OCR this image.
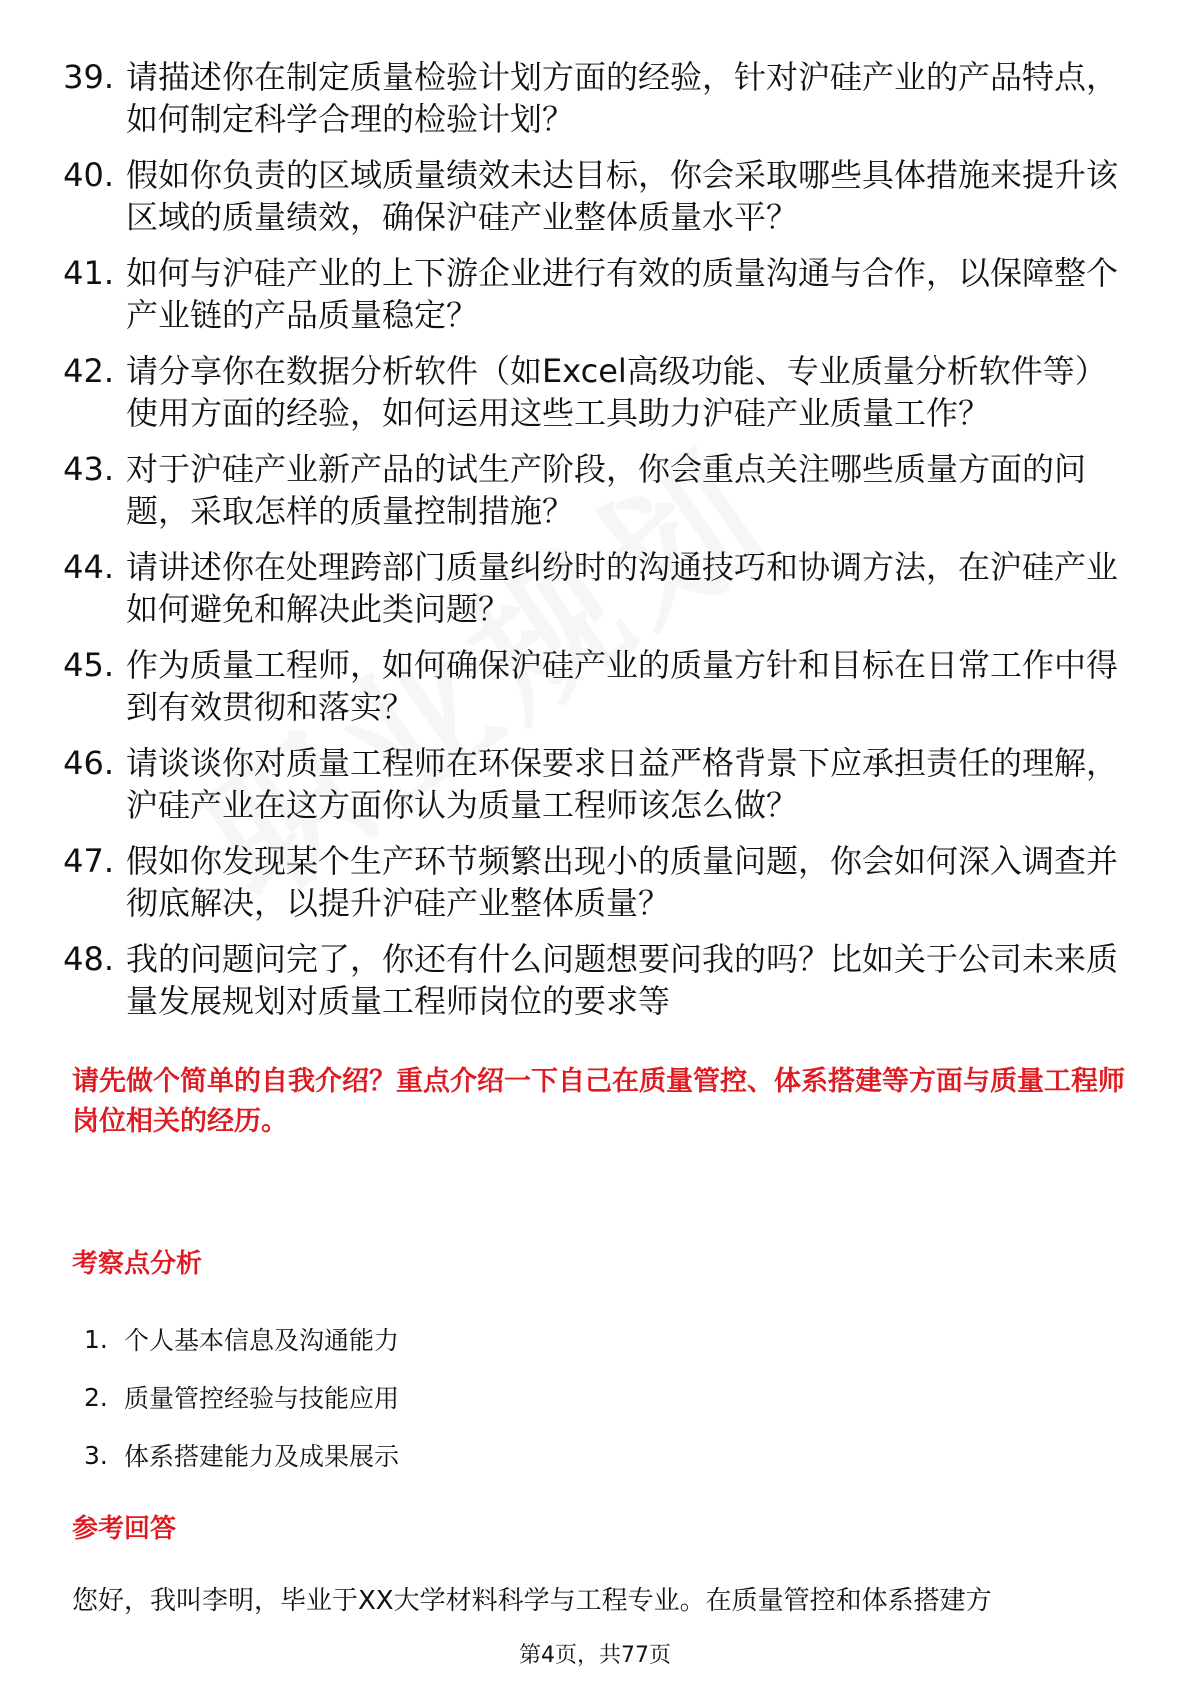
39. 请描述你在制定质量检验计划方面的经验，针对沪硅产业的产品特点，如何制定科学合理的检验计划？
40. 假如你负责的区域质量绩效未达目标，你会采取哪些具体措施来提升该区域的质量绩效，确保沪硅产业整体质量水平？
41. 如何与沪硅产业的上下游企业进行有效的质量沟通与合作，以保障整个产业链的产品质量稳定？
42. 请分享你在数据分析软件（如Excel高级功能、专业质量分析软件等）使用方面的经验，如何运用这些工具助力沪硅产业质量工作？
43. 对于沪硅产业新产品的试生产阶段，你会重点关注哪些质量方面的问题，采取怎样的质量控制措施？
44. 请讲述你在处理跨部门质量纠纷时的沟通技巧和协调方法，在沪硅产业如何避免和解决此类问题？
45. 作为质量工程师，如何确保沪硅产业的质量方针和目标在日常工作中得到有效贯彻和落实？
46. 请谈谈你对质量工程师在环保要求日益严格背景下应承担责任的理解，沪硅产业在这方面你认为质量工程师该怎么做？
47. 假如你发现某个生产环节频繁出现小的质量问题，你会如何深入调查并彻底解决，以提升沪硅产业整体质量？
48. 我的问题问完了，你还有什么问题想要问我的吗？比如关于公司未来质量发展规划对质量工程师岗位的要求等
请先做个简单的自我介绍？重点介绍一下自己在质量管控、体系搭建等方面与质量工程师岗位相关的经历。
考察点分析
1. 个人基本信息及沟通能力
2. 质量管控经验与技能应用
3. 体系搭建能力及成果展示
参考回答
您好，我叫李明，毕业于XX大学材料科学与工程专业。在质量管控和体系搭建方
第4页，共77页
